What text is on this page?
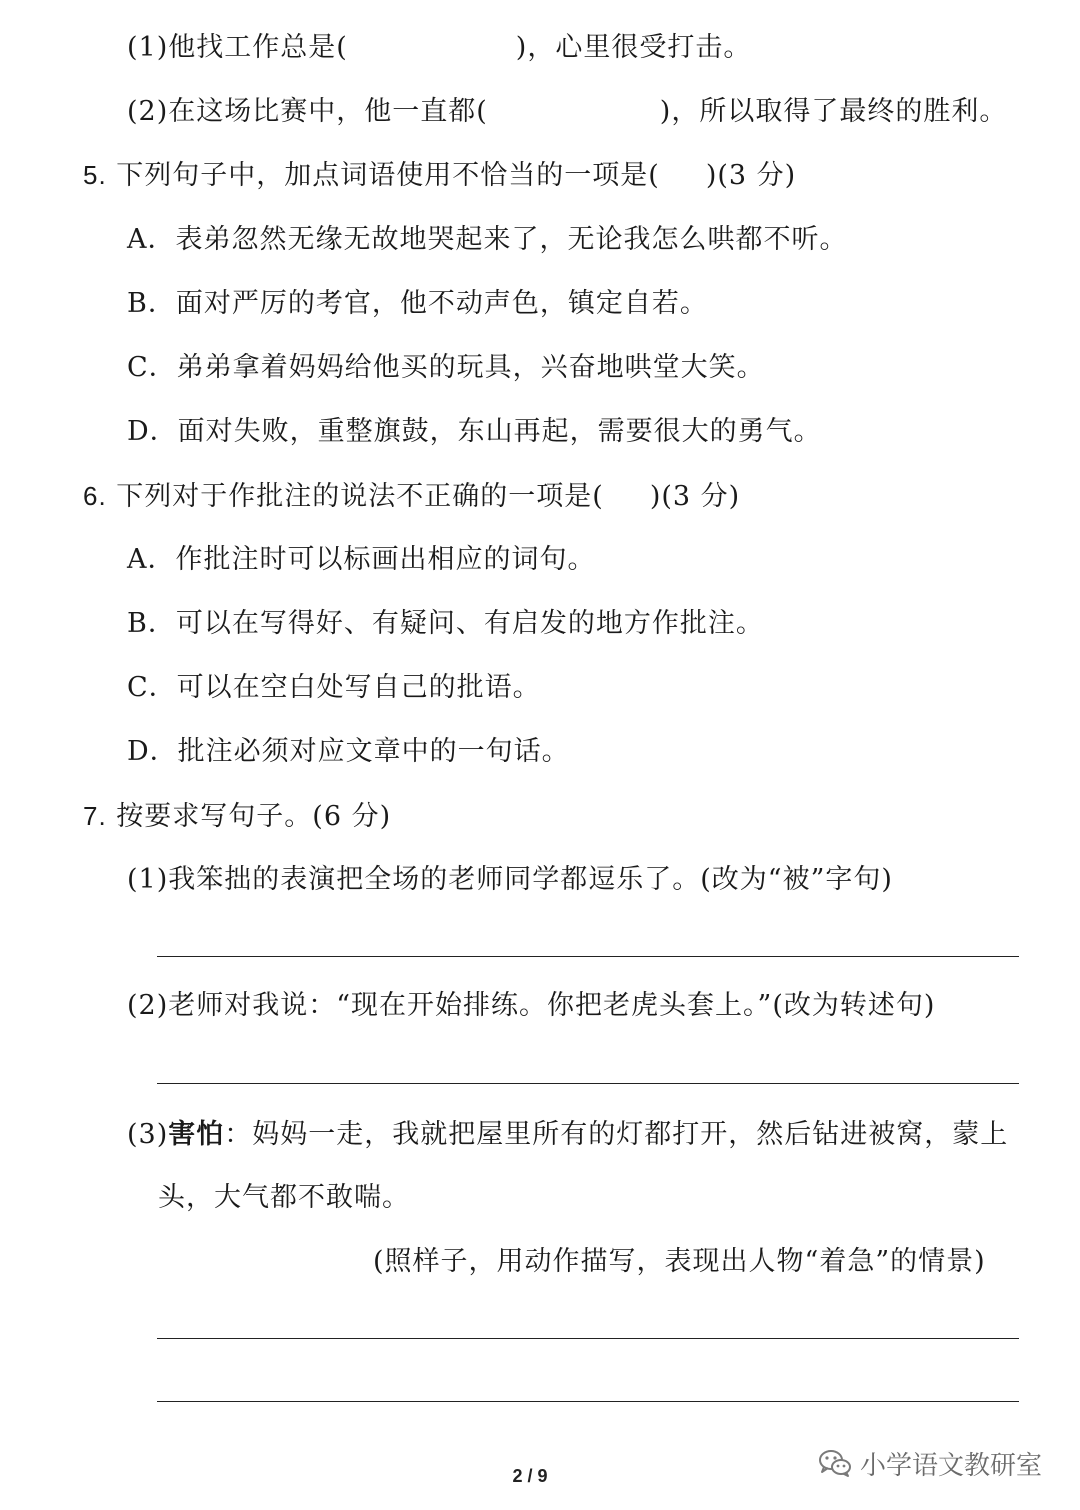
(1)他找工作总是(	)，心里很受打击。
(2)在这场比赛中，他一直都(	)，所以取得了最终的胜利。
5. 下列句子中，加点词语使用不恰当的一项是( )(3 分)
A．表弟忽然无缘无故地哭起来了，无论我怎么哄都不听。
B．面对严厉的考官，他不动声色，镇定自若。
C．弟弟拿着妈妈给他买的玩具，兴奋地哄堂大笑。
D．面对失败，重整旗鼓，东山再起，需要很大的勇气。
6. 下列对于作批注的说法不正确的一项是( )(3 分)
A．作批注时可以标画出相应的词句。
B．可以在写得好、有疑问、有启发的地方作批注。
C．可以在空白处写自己的批语。
D．批注必须对应文章中的一句话。
7. 按要求写句子。(6 分)
(1)我笨拙的表演把全场的老师同学都逗乐了。(改为“被”字句)
(2)老师对我说：“现在开始排练。你把老虎头套上。”(改为转述句)
(3)害怕：妈妈一走，我就把屋里所有的灯都打开，然后钻进被窝，蒙上
头，大气都不敢喘。
(照样子，用动作描写，表现出人物“着急”的情景)
2 / 9	小学语文教研室
